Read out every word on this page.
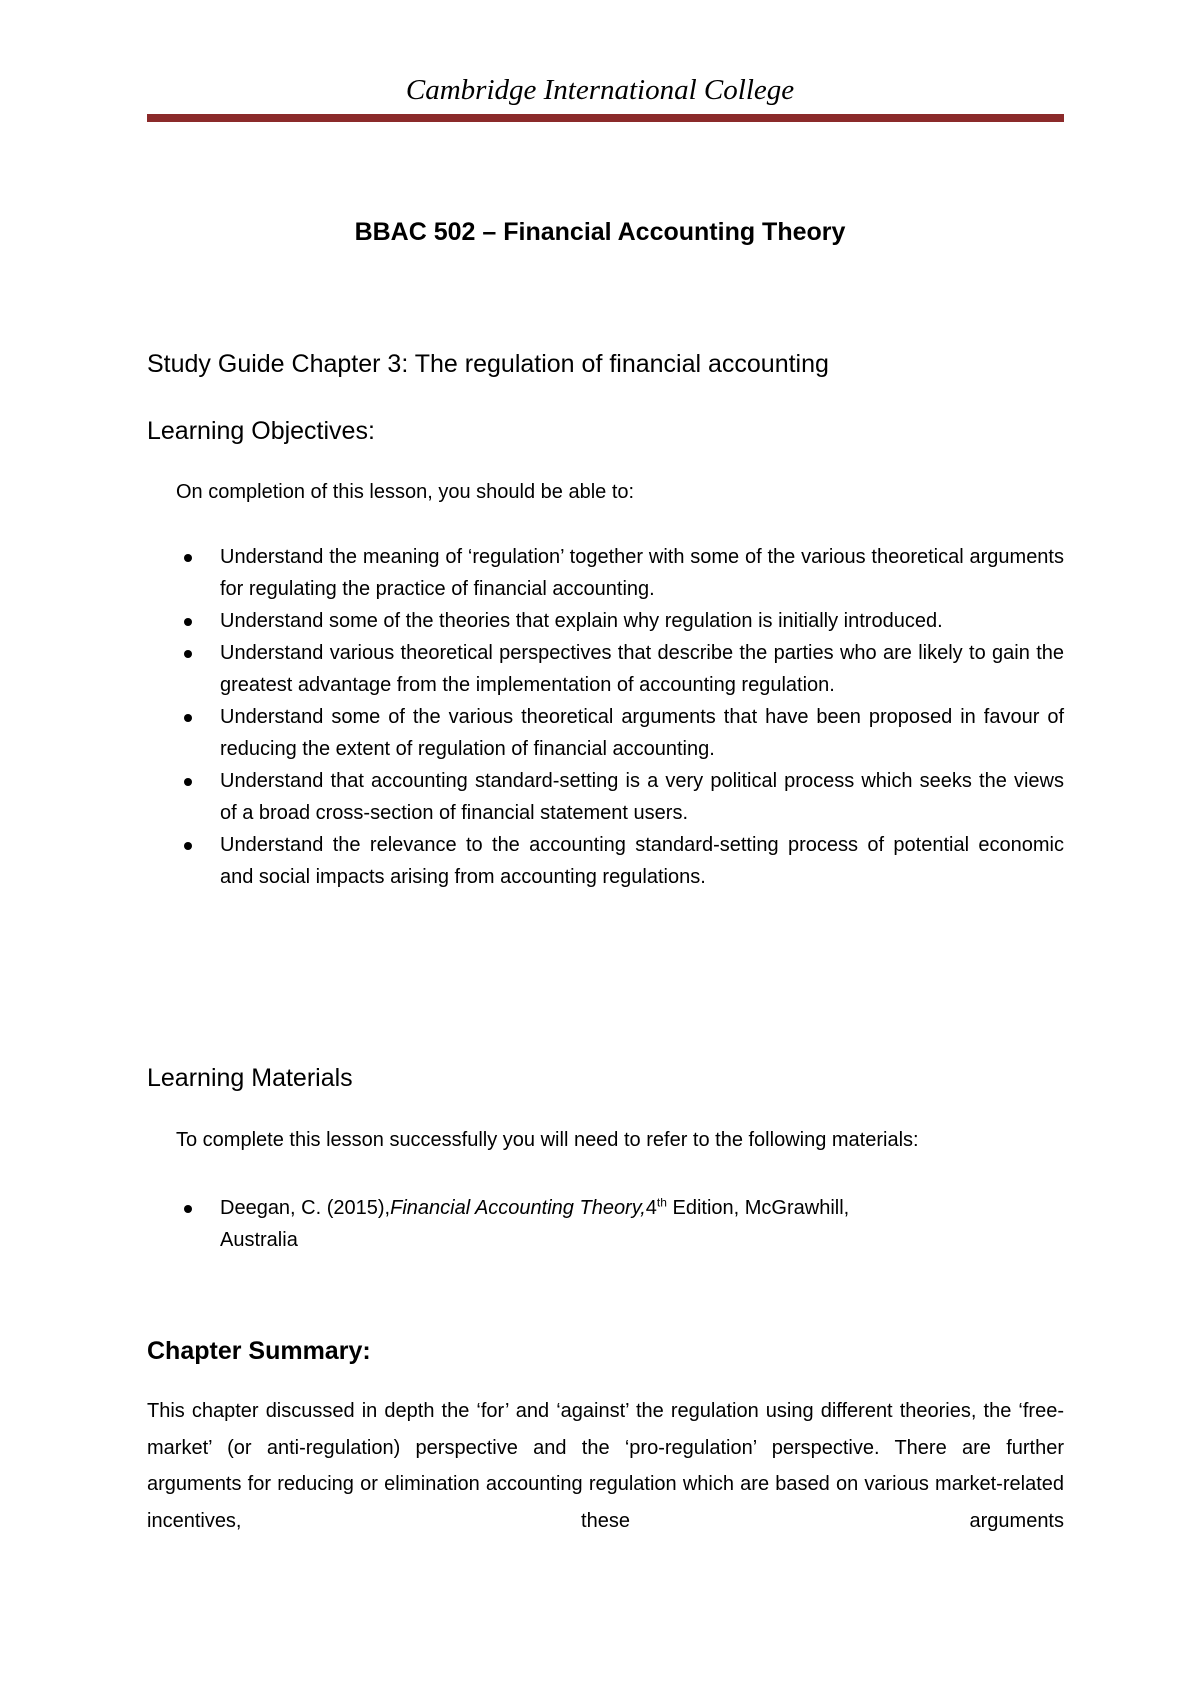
Cambridge International College
BBAC 502 – Financial Accounting Theory
Study Guide Chapter 3: The regulation of financial accounting
Learning Objectives:
On completion of this lesson, you should be able to:
Understand the meaning of ‘regulation’ together with some of the various theoretical arguments for regulating the practice of financial accounting.
Understand some of the theories that explain why regulation is initially introduced.
Understand various theoretical perspectives that describe the parties who are likely to gain the greatest advantage from the implementation of accounting regulation.
Understand some of the various theoretical arguments that have been proposed in favour of reducing the extent of regulation of financial accounting.
Understand that accounting standard-setting is a very political process which seeks the views of a broad cross-section of financial statement users.
Understand the relevance to the accounting standard-setting process of potential economic and social impacts arising from accounting regulations.
Learning Materials
To complete this lesson successfully you will need to refer to the following materials:
Deegan, C. (2015),Financial Accounting Theory,4th Edition, McGrawhill,
Australia
Chapter Summary:
This chapter discussed in depth the ‘for’ and ‘against’ the regulation using different theories, the ‘free-market’ (or anti-regulation) perspective and the ‘pro-regulation’ perspective. There are further arguments for reducing or elimination accounting regulation which are based on various market-related incentives, these arguments
